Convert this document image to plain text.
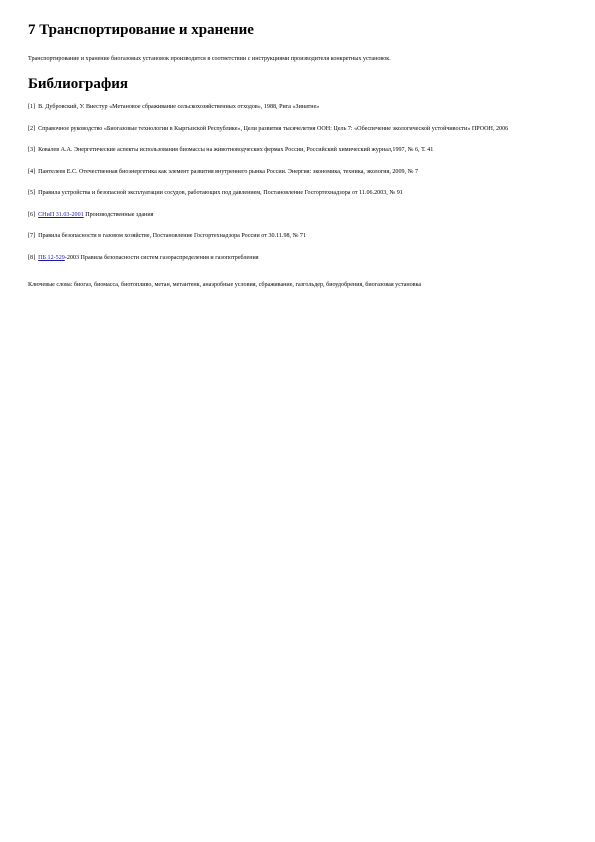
7 Транспортирование и хранение

Транспортирование и хранение биогазовых установок производится в соответствии с инструкциями производителя конкретных установок.

Библиография

[1] В. Дубровский, У. Виестур «Метановое сбраживание сельскохозяйственных отходов», 1988, Рига «Зинатне»

[2] Справочное руководство «Биогазовые технологии в Кыргызской Республике», Цели развития тысячелетия ООН: Цель 7: «Обеспечение экологической устойчивости» ПРООН, 2006

[3] Ковалев А.А. Энергетические аспекты использования биомассы на животноводческих фермах России, Российский химический журнал,1997, № 6, Т. 41

[4] Пантелеев Е.С. Отечественная биоэнергетика как элемент развития внутреннего рынка России. Энергия: экономика, техника, экология, 2009, № 7

[5] Правила устройства и безопасной эксплуатации сосудов, работающих под давлением, Постановление Госгортехнадзора от 11.06.2003, № 91

[6] СНиП 31.03-2001 Производственные здания

[7] Правила безопасности в газовом хозяйстве, Постановление Госгортехнадзора России от 30.11.98, № 71

[8] ПБ 12-529-2003 Правила безопасности систем газораспределения и газопотребления

Ключевые слова: биогаз, биомасса, биотопливо, метан, метантенк, анаэробные условия, сбраживание, газгольдер, биоудобрения, биогазовая установка
